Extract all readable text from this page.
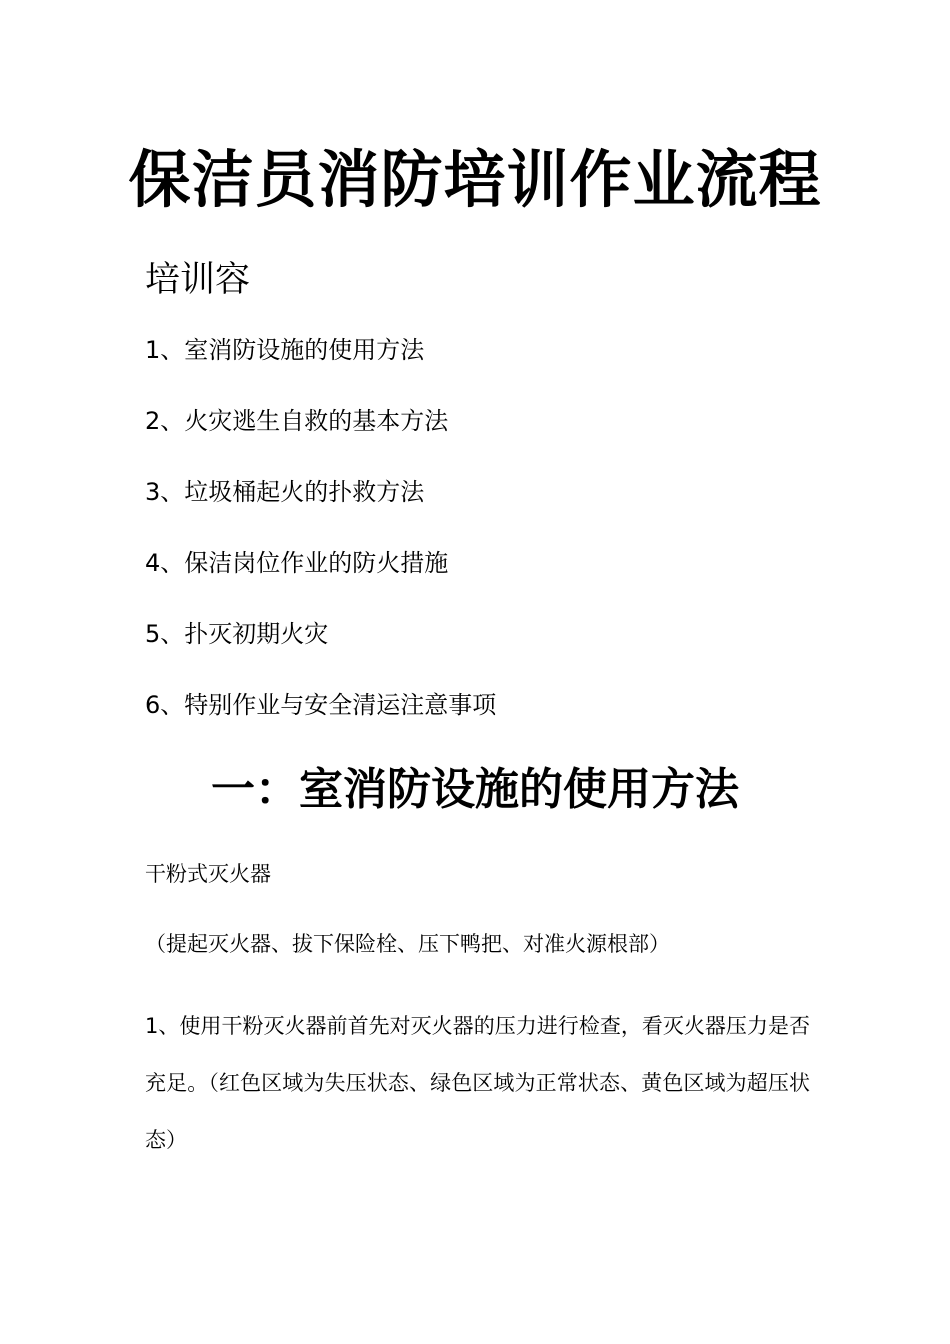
保洁员消防培训作业流程

培训容

1、室消防设施的使用方法
2、火灾逃生自救的基本方法
3、垃圾桶起火的扑救方法
4、保洁岗位作业的防火措施
5、扑灭初期火灾
6、特别作业与安全清运注意事项
一：室消防设施的使用方法

干粉式灭火器

（提起灭火器、拔下保险栓、压下鸭把、对准火源根部）

1、使用干粉灭火器前首先对灭火器的压力进行检查，看灭火器压力是否充足。（红色区域为失压状态、绿色区域为正常状态、黄色区域为超压状态）
